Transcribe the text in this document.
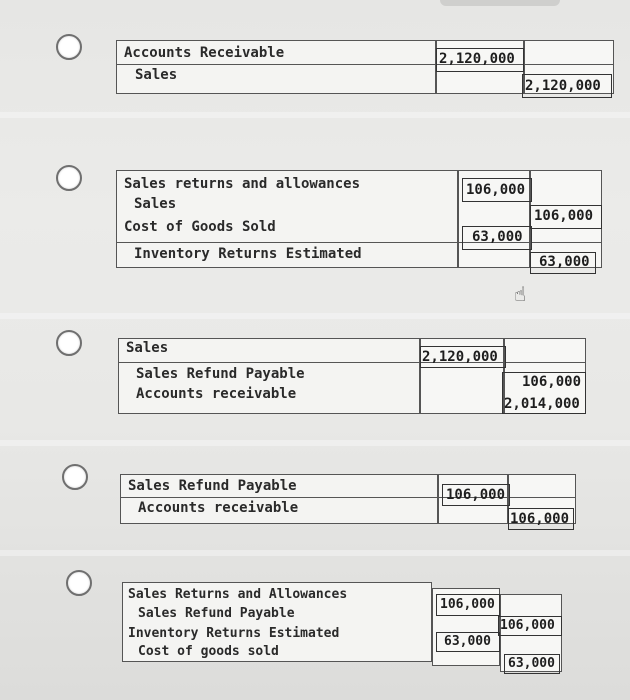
Accounts Receivable
Sales
2,120,000
2,120,000
Sales returns and allowances
Sales
Cost of Goods Sold
Inventory Returns Estimated
106,000
106,000
63,000
63,000
☝
Sales
Sales Refund Payable
Accounts receivable
2,120,000
106,000
2,014,000
Sales Refund Payable
Accounts receivable
106,000
106,000
Sales Returns and Allowances
Sales Refund Payable
Inventory Returns Estimated
Cost of goods sold
106,000
106,000
63,000
63,000
